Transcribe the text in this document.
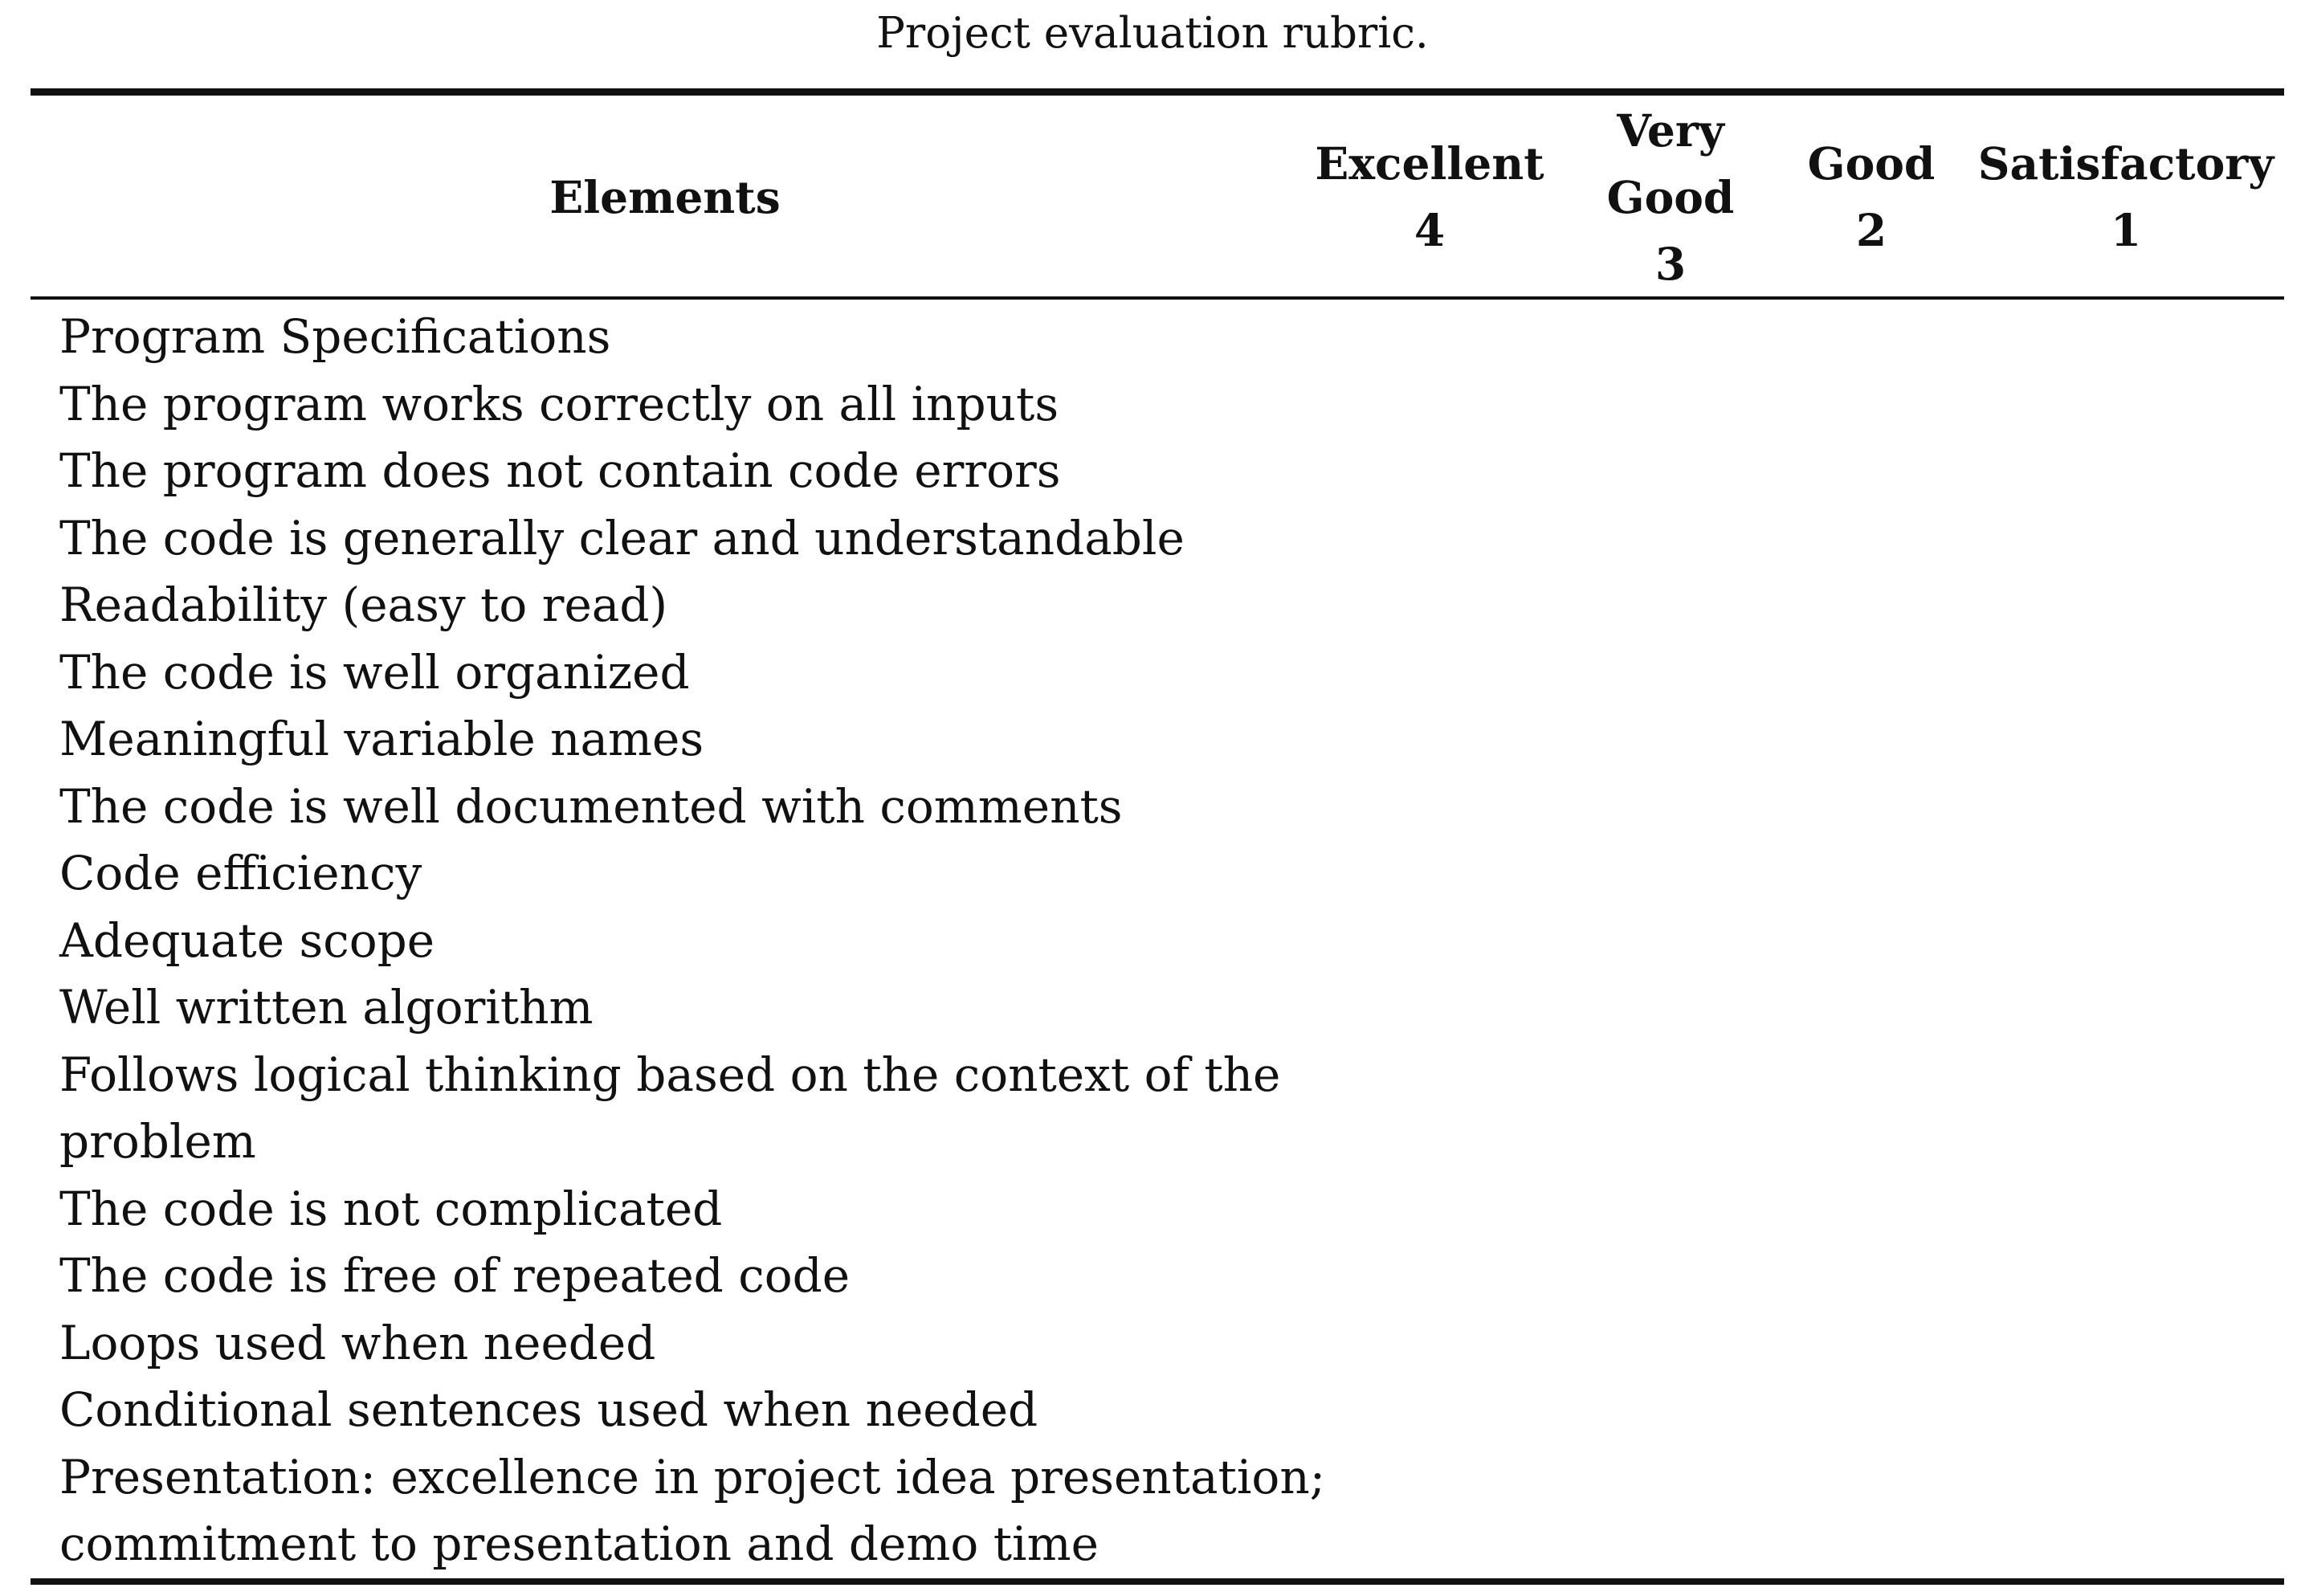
Project evaluation rubric.
Elements
Excellent
4
Very
Good
3
Good
2
Satisfactory
1
Program Specifications
The program works correctly on all inputs
The program does not contain code errors
The code is generally clear and understandable
Readability (easy to read)
The code is well organized
Meaningful variable names
The code is well documented with comments
Code efficiency
Adequate scope
Well written algorithm
Follows logical thinking based on the context of the
problem
The code is not complicated
The code is free of repeated code
Loops used when needed
Conditional sentences used when needed
Presentation: excellence in project idea presentation;
commitment to presentation and demo time
